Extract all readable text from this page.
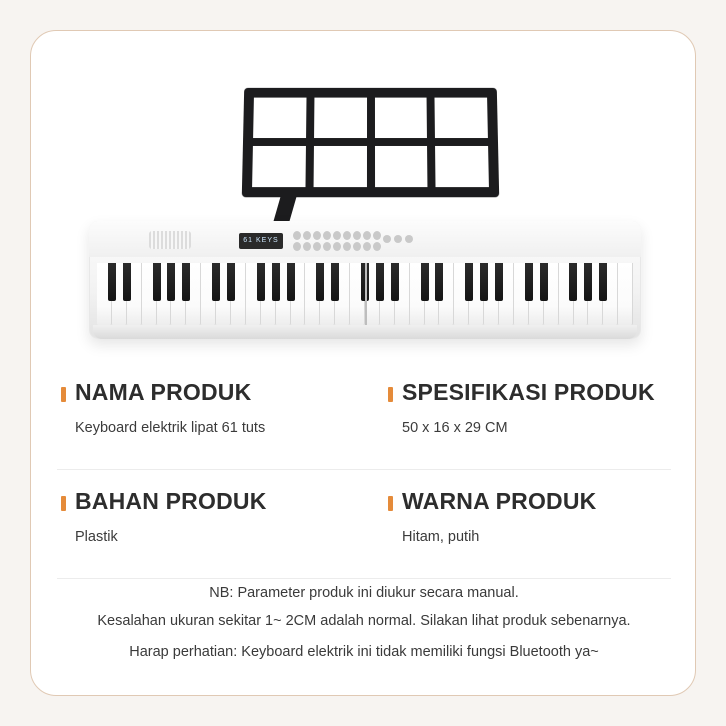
61 KEYS
NAMA PRODUK
Keyboard elektrik lipat 61 tuts
SPESIFIKASI PRODUK
50 x 16 x 29 CM
BAHAN PRODUK
Plastik
WARNA PRODUK
Hitam, putih
NB: Parameter produk ini diukur secara manual.
Kesalahan ukuran sekitar 1~ 2CM adalah normal. Silakan lihat produk sebenarnya.
Harap perhatian: Keyboard elektrik ini tidak memiliki fungsi Bluetooth ya~
